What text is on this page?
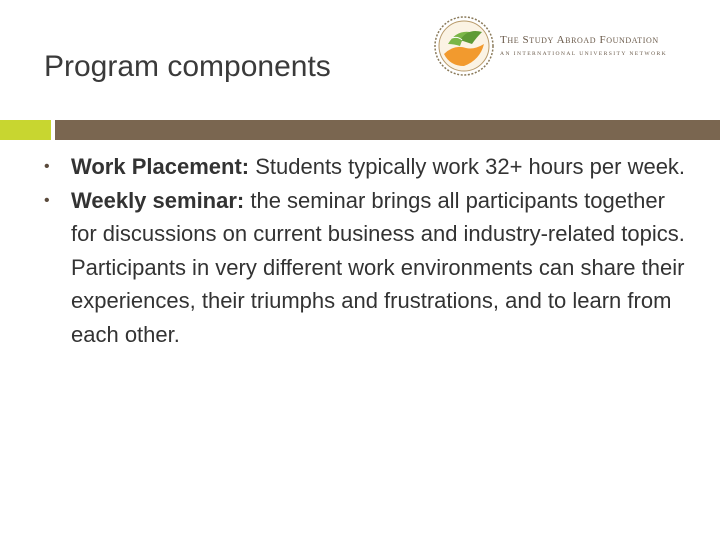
Program components
The Study Abroad Foundation
AN INTERNATIONAL UNIVERSITY NETWORK
• Work Placement: Students typically work 32+ hours per week.
• Weekly seminar: the seminar brings all participants together for discussions on current business and industry-related topics. Participants in very different work environments can share their experiences, their triumphs and frustrations, and to learn from each other.
